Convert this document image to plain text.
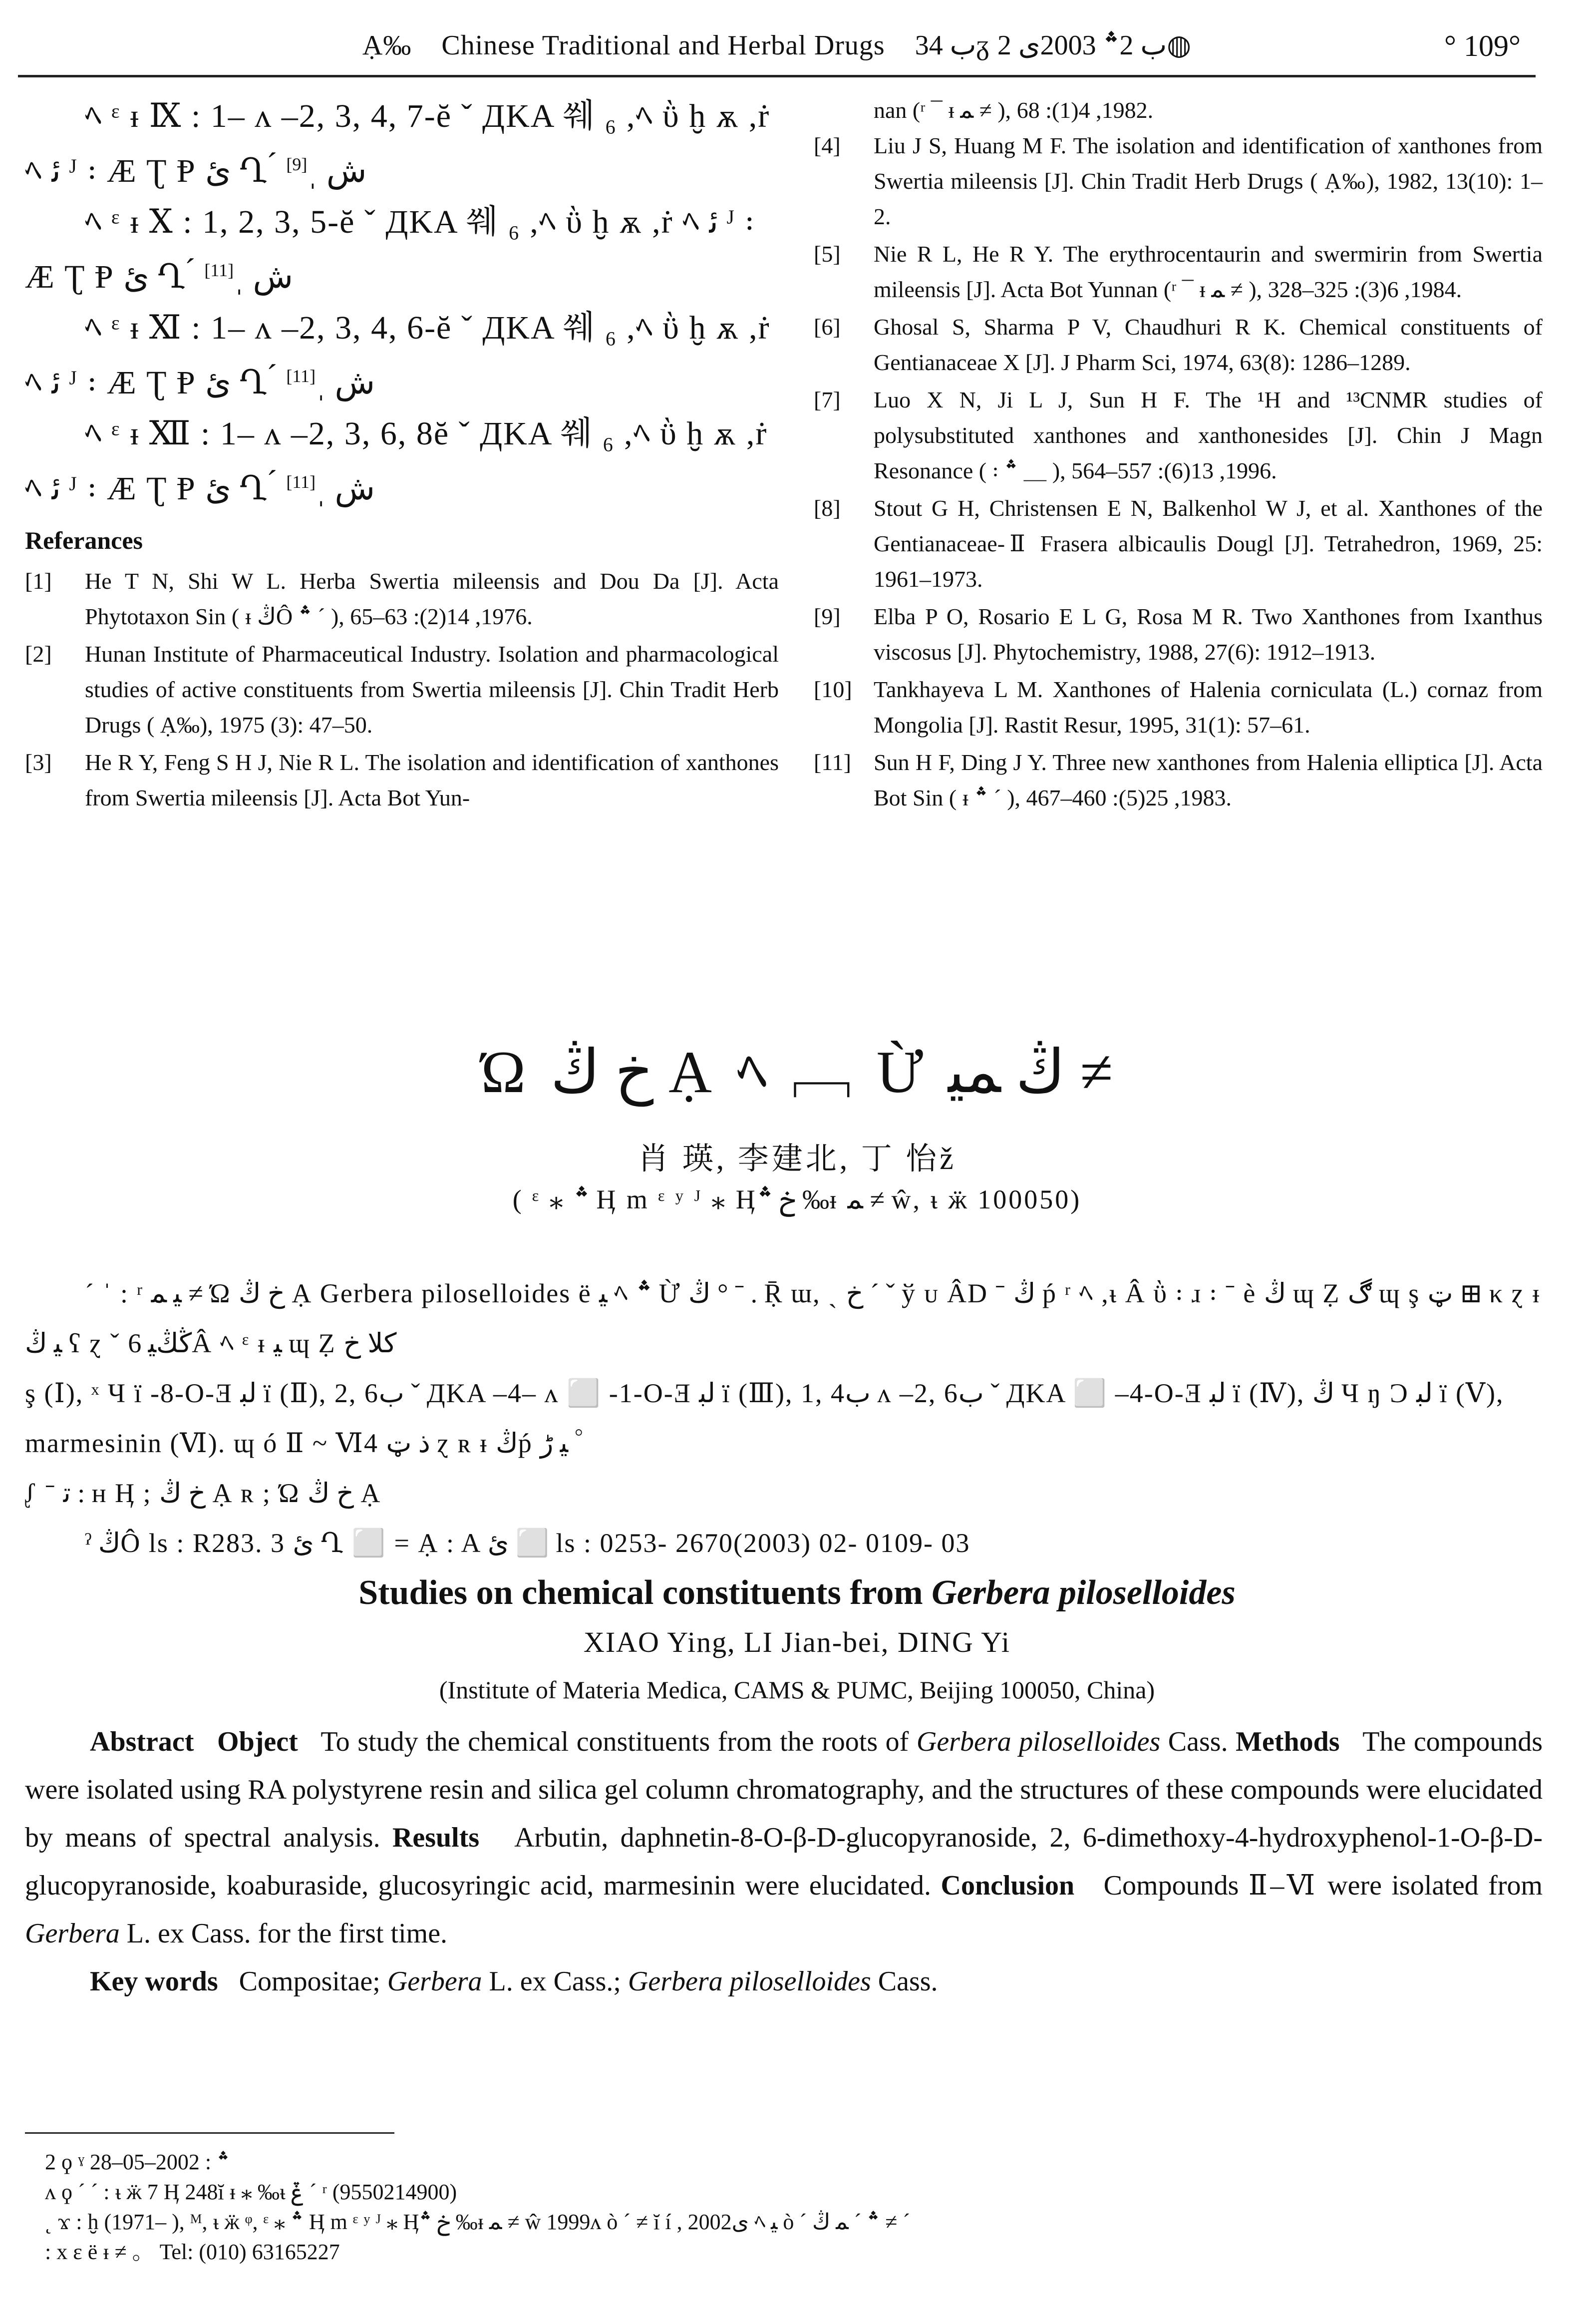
Ạ‰ Chinese Traditional and Herbal Drugs ب 34ᵹ ب 2؞ 2003ى 2◍	° 109°

ﾍ ᵋ ᵻ Ⅸ : 1– ᴧ –2, 3, 4, 7-ĕ ˇ ДKA 쒜 ₆ ,ﾍ ῢ ḫ ѫ ,ṙ ﾍ ﺋ ᴶ ꞉ Æ Ʈ Ᵽ ئ Ղ ́ ﺵ ˌ[9]

ﾍ ᵋ ᵻ Ⅹ : 1, 2, 3, 5-ĕ ˇ ДKA 쒜 ₆ ,ﾍ ῢ ḫ ѫ ,ṙ ﾍ ﺋ ᴶ ꞉ Æ Ʈ Ᵽ ئ Ղ ́ ﺵ ˌ[11]

ﾍ ᵋ ᵻ Ⅺ : 1– ᴧ –2, 3, 4, 6-ĕ ˇ ДKA 쒜 ₆ ,ﾍ ῢ ḫ ѫ ,ṙ ﾍ ﺋ ᴶ ꞉ Æ Ʈ Ᵽ ئ Ղ ́ ﺵ ˌ[11]

ﾍ ᵋ ᵻ Ⅻ : 1– ᴧ –2, 3, 6, 8ĕ ˇ ДKA 쒜 ₆ ,ﾍ ῢ ḫ ѫ ,ṙ ﾍ ﺋ ᴶ ꞉ Æ Ʈ Ᵽ ئ Ղ ́ ﺵ ˌ[11]

Referances
[1]	He T N, Shi W L. Herba Swertia mileensis and Dou Da [J]. Acta Phytotaxon Sin ( ᵻ ڭÔ ؞ ˊ ), 1976, 14(2): 63–65.
[2]	Hunan Institute of Pharmaceutical Industry. Isolation and pharmacological studies of active constituents from Swertia mileensis [J]. Chin Tradit Herb Drugs ( Ạ‰), 1975 (3): 47–50.
[3]	He R Y, Feng S H J, Nie R L. The isolation and identification of xanthones from Swertia mileensis [J]. Acta Bot Yun-
nan (ʳ ¯ ᵻ ﻤ ≠ ), 1982, 4(1): 68.
[4]	Liu J S, Huang M F. The isolation and identification of xanthones from Swertia mileensis [J]. Chin Tradit Herb Drugs ( Ạ‰), 1982, 13(10): 1–2.
[5]	Nie R L, He R Y. The erythrocentaurin and swermirin from Swertia mileensis [J]. Acta Bot Yunnan (ʳ ¯ ᵻ ﻤ ≠ ), 1984, 6(3): 325–328.
[6]	Ghosal S, Sharma P V, Chaudhuri R K. Chemical constituents of Gentianaceae X [J]. J Pharm Sci, 1974, 63(8): 1286–1289.
[7]	Luo X N, Ji L J, Sun H F. The ¹H and ¹³CNMR studies of polysubstituted xanthones and xanthonesides [J]. Chin J Magn Resonance ( ꞉ ؞ ＿ ), 1996, 13(6): 557–564.
[8]	Stout G H, Christensen E N, Balkenhol W J, et al. Xanthones of the Gentianaceae-Ⅱ Frasera albicaulis Dougl [J]. Tetrahedron, 1969, 25: 1961–1973.
[9]	Elba P O, Rosario E L G, Rosa M R. Two Xanthones from Ixanthus viscosus [J]. Phytochemistry, 1988, 27(6): 1912–1913.
[10] Tankhayeva L M. Xanthones of Halenia corniculata (L.) cornaz from Mongolia [J]. Rastit Resur, 1995, 31(1): 57–61.
[11] Sun H F, Ding J Y. Three new xanthones from Halenia elliptica [J]. Acta Bot Sin ( ᵻ ؞ ˊ ), 1983, 25(5): 460–467.
Ώ خ ڭ Ạ ﾍ ﹇ Ừ ڭ ﻤﯿ ≠
肖 瑛, 李建北, 丁 怡ž
( ᵋ ⁎ ؞ Ӊ m ᵋ ʸ ᴶ ⁎ Ӊخ ؞ ‰ᵻ ﻤ ≠ ŵ, ᵼ ӝ 100050)

ˊ ˈ : ʳ ﯿ ﻤ ≠ Ώ خ ڭ Ạ Gerbera piloselloides ë ﯿ ﾍ ؞ Ừ ڭ ° ˉ . Ṝ ɯ, ˎ خ ˊ ˇ ў ᴜ ÂD ˉ ڭ ṕ ʳ ﾍ ,ᵼ Â ῢ ꞉ ɹ ꞉ ˉ è ڭ ɰ Ẓ ڰ ɰ ş ټ ⊞ κ ɀ ᵻ ﯿ ڭ ʕ ɀ ˇ ڭڭﯿ 6Â ﾍ ᵋ ᵻ ﻴ ɰ Ẓ ﮐﻼ خ

ş (Ⅰ), ˣ Ч ї -8-O-Ǝ ﻟﺒ ï (Ⅱ), 2, 6ب ˇ ДKA –4– ᴧ ⬜ -1-O-Ǝ ﻟﺒ ï (Ⅲ), 1, 4ب ᴧ –2, 6ب ˇ ДKA ⬜ –4-O-Ǝ ﻟﺒ ï (Ⅳ), ڭ Ч ŋ Ɔ ﻟﺒ ï (Ⅴ), marmesinin (Ⅵ). ɰ ó Ⅱ ~ Ⅵ4 ﺫ ټ ɀ ʀ ᵻ ڭṕ ﯿ ڑ ゜

ᶘ ˉ ﺗ : ʜ Ӊ ; خ ڭ Ạ ʀ ; Ώ خ ڭ Ạ

ˀ ڭÔ ls : R283. 3 ئ Ղ ⬜ = Ạ : A ئ ⬜ ls : 0253- 2670(2003) 02- 0109- 03

Studies on chemical constituents from Gerbera piloselloides
XIAO Ying, LI Jian-bei, DING Yi
(Institute of Materia Medica, CAMS & PUMC, Beijing 100050, China)

Abstract Object To study the chemical constituents from the roots of Gerbera piloselloides Cass. Methods The compounds were isolated using RA polystyrene resin and silica gel column chromatography, and the structures of these compounds were elucidated by means of spectral analysis. Results Arbutin, daphnetin-8-O-β-D-glucopyranoside, 2, 6-dimethoxy-4-hydroxyphenol-1-O-β-D-glucopyranoside, koaburaside, glucosyringic acid, marmesinin were elucidated. Conclusion Compounds Ⅱ–Ⅵ were isolated from Gerbera L. ex Cass. for the first time.

Key words Compositae; Gerbera L. ex Cass.; Gerbera piloselloides Cass.

2 ϙ ˠ ؞ : 2002–05–28

ᴧ ϙ ˊ ˊ : ᵼ ӝ 7 Ӊ 248ĭ ᵻ ⁎ ‰ᵼ ݞ ˊ ʳ (9550214900)

˛ ϫ : ḫ (1971– ), ᴹ, ᵼ ӝ ᵠ, ᵋ ⁎ ؞ Ӊ m ᵋ ʸ ᴶ ⁎ Ӊخ ؞ ‰ᵻ ﻤ ≠ ŵ 1999ᴧ ò ˊ ≠ ĭ í , 2002ى ﾍ ﯿ ò ˊ ؞ ˊ ﻤ ڭ ≠ ˊ

: x ε ë ᵻ ≠ 。 Tel: (010) 63165227
